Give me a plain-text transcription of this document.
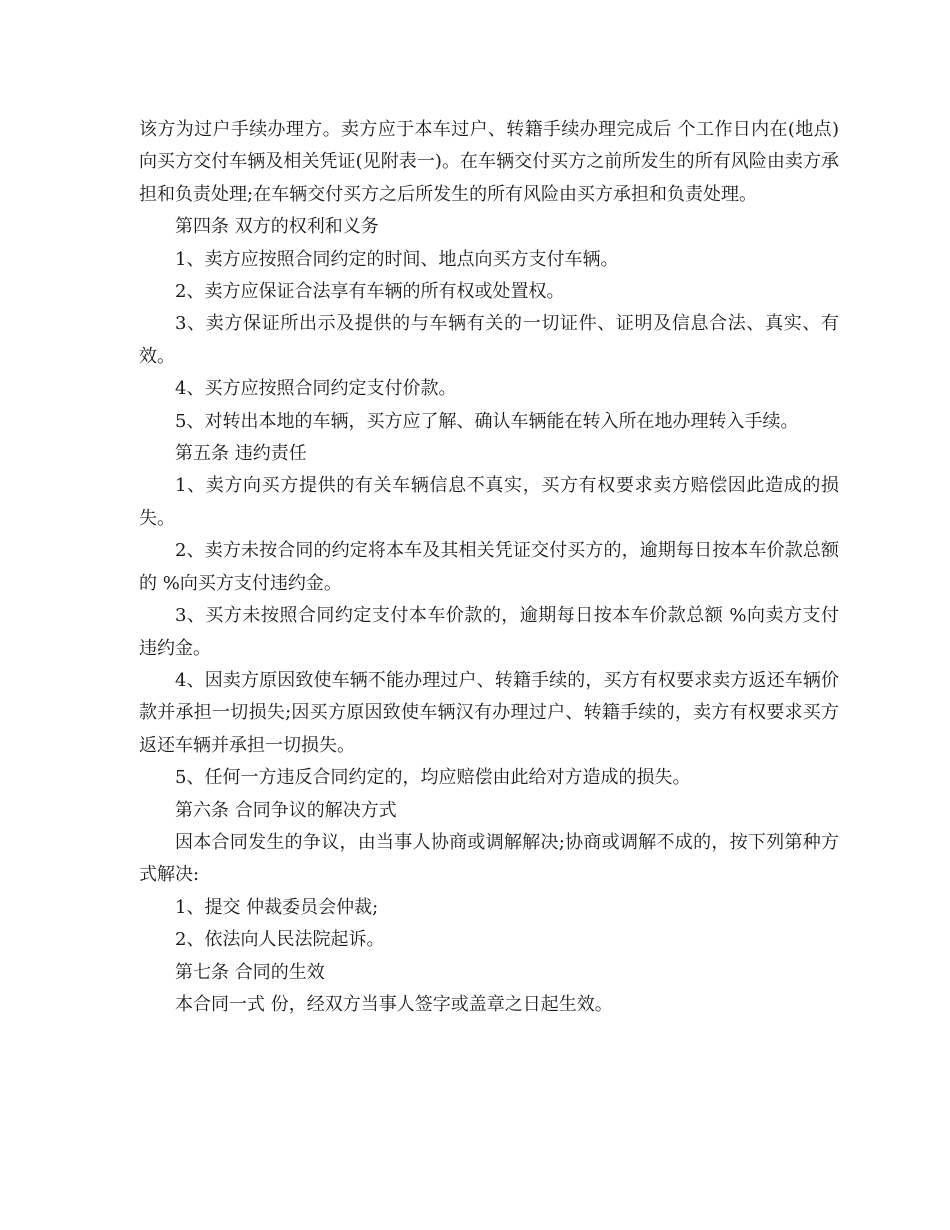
该方为过户手续办理方。卖方应于本车过户、转籍手续办理完成后 个工作日内在(地点)向买方交付车辆及相关凭证(见附表一)。在车辆交付买方之前所发生的所有风险由卖方承担和负责处理;在车辆交付买方之后所发生的所有风险由买方承担和负责处理。

第四条 双方的权利和义务

1、卖方应按照合同约定的时间、地点向买方支付车辆。

2、卖方应保证合法享有车辆的所有权或处置权。

3、卖方保证所出示及提供的与车辆有关的一切证件、证明及信息合法、真实、有效。

4、买方应按照合同约定支付价款。

5、对转出本地的车辆，买方应了解、确认车辆能在转入所在地办理转入手续。

第五条 违约责任

1、卖方向买方提供的有关车辆信息不真实，买方有权要求卖方赔偿因此造成的损失。

2、卖方未按合同的约定将本车及其相关凭证交付买方的，逾期每日按本车价款总额的 %向买方支付违约金。

3、买方未按照合同约定支付本车价款的，逾期每日按本车价款总额 %向卖方支付违约金。

4、因卖方原因致使车辆不能办理过户、转籍手续的，买方有权要求卖方返还车辆价款并承担一切损失;因买方原因致使车辆汉有办理过户、转籍手续的，卖方有权要求买方返还车辆并承担一切损失。

5、任何一方违反合同约定的，均应赔偿由此给对方造成的损失。

第六条 合同争议的解决方式

因本合同发生的争议，由当事人协商或调解解决;协商或调解不成的，按下列第种方式解决:

1、提交 仲裁委员会仲裁;

2、依法向人民法院起诉。

第七条 合同的生效

本合同一式 份，经双方当事人签字或盖章之日起生效。
